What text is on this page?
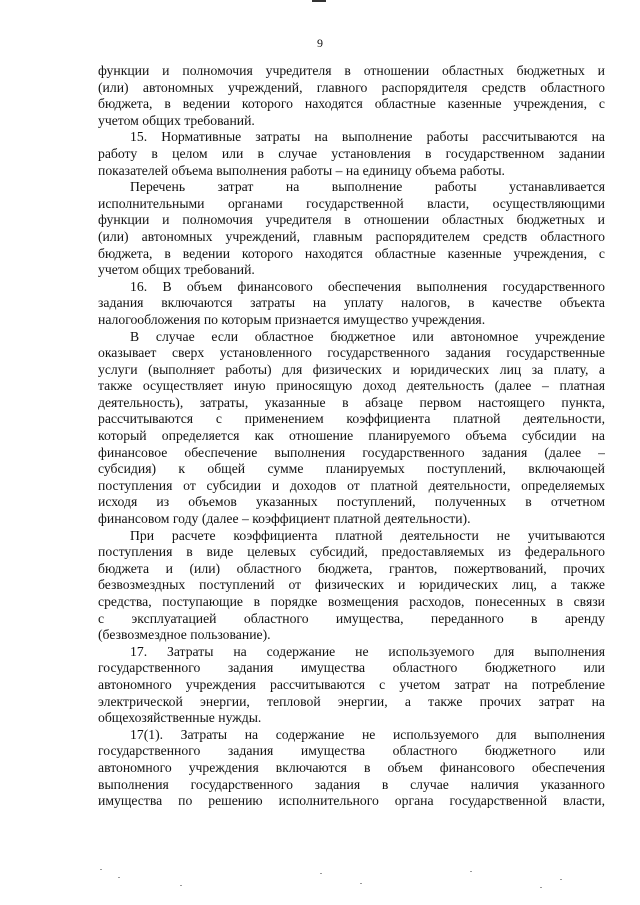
9
функции и полномочия учредителя в отношении областных бюджетных и
(или) автономных учреждений, главного распорядителя средств областного
бюджета, в ведении которого находятся областные казенные учреждения, с
учетом общих требований.
15. Нормативные затраты на выполнение работы рассчитываются на
работу в целом или в случае установления в государственном задании
показателей объема выполнения работы – на единицу объема работы.
Перечень затрат на выполнение работы устанавливается
исполнительными органами государственной власти, осуществляющими
функции и полномочия учредителя в отношении областных бюджетных и
(или) автономных учреждений, главным распорядителем средств областного
бюджета, в ведении которого находятся областные казенные учреждения, с
учетом общих требований.
16. В объем финансового обеспечения выполнения государственного
задания включаются затраты на уплату налогов, в качестве объекта
налогообложения по которым признается имущество учреждения.
В случае если областное бюджетное или автономное учреждение
оказывает сверх установленного государственного задания государственные
услуги (выполняет работы) для физических и юридических лиц за плату, а
также осуществляет иную приносящую доход деятельность (далее – платная
деятельность), затраты, указанные в абзаце первом настоящего пункта,
рассчитываются с применением коэффициента платной деятельности,
который определяется как отношение планируемого объема субсидии на
финансовое обеспечение выполнения государственного задания (далее –
субсидия) к общей сумме планируемых поступлений, включающей
поступления от субсидии и доходов от платной деятельности, определяемых
исходя из объемов указанных поступлений, полученных в отчетном
финансовом году (далее – коэффициент платной деятельности).
При расчете коэффициента платной деятельности не учитываются
поступления в виде целевых субсидий, предоставляемых из федерального
бюджета и (или) областного бюджета, грантов, пожертвований, прочих
безвозмездных поступлений от физических и юридических лиц, а также
средства, поступающие в порядке возмещения расходов, понесенных в связи
с эксплуатацией областного имущества, переданного в аренду
(безвозмездное пользование).
17. Затраты на содержание не используемого для выполнения
государственного задания имущества областного бюджетного или
автономного учреждения рассчитываются с учетом затрат на потребление
электрической энергии, тепловой энергии, а также прочих затрат на
общехозяйственные нужды.
17(1). Затраты на содержание не используемого для выполнения
государственного задания имущества областного бюджетного или
автономного учреждения включаются в объем финансового обеспечения
выполнения государственного задания в случае наличия указанного
имущества по решению исполнительного органа государственной власти,
